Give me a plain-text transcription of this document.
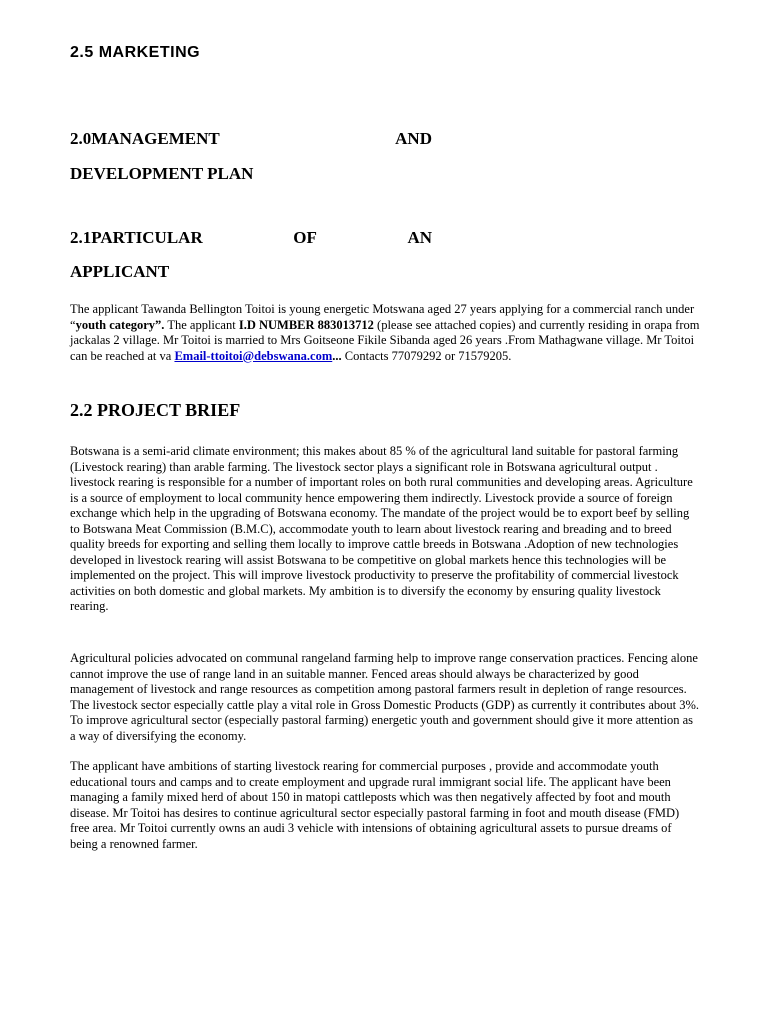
2.5 MARKETING
2.0MANAGEMENT	AND
DEVELOPMENT PLAN
2.1PARTICULAR	OF	AN
APPLICANT

The applicant Tawanda Bellington Toitoi is young energetic Motswana aged 27 years applying for a commercial ranch under “youth category”. The applicant I.D NUMBER 883013712 (please see attached copies) and currently residing in orapa from jackalas 2 village. Mr Toitoi is married to Mrs Goitseone Fikile Sibanda aged 26 years .From Mathagwane village. Mr Toitoi can be reached at va Email-ttoitoi@debswana.com... Contacts 77079292 or 71579205.

2.2 PROJECT BRIEF

Botswana is a semi-arid climate environment; this makes about 85 % of the agricultural land suitable for pastoral farming (Livestock rearing) than arable farming. The livestock sector plays a significant role in Botswana agricultural output . livestock rearing is responsible for a number of important roles on both rural communities and developing areas. Agriculture is a source of employment to local community hence empowering them indirectly. Livestock provide a source of foreign exchange which help in the upgrading of Botswana economy. The mandate of the project would be to export beef by selling to Botswana Meat Commission (B.M.C), accommodate youth to learn about livestock rearing and breading and to breed quality breeds for exporting and selling them locally to improve cattle breeds in Botswana .Adoption of new technologies developed in livestock rearing will assist Botswana to be competitive on global markets hence this technologies will be implemented on the project. This will improve livestock productivity to preserve the profitability of commercial livestock activities on both domestic and global markets. My ambition is to diversify the economy by ensuring quality livestock rearing.

Agricultural policies advocated on communal rangeland farming help to improve range conservation practices. Fencing alone cannot improve the use of range land in an suitable manner. Fenced areas should always be characterized by good management of livestock and range resources as competition among pastoral farmers result in depletion of range resources. The livestock sector especially cattle play a vital role in Gross Domestic Products (GDP) as currently it contributes about 3%. To improve agricultural sector (especially pastoral farming) energetic youth and government should give it more attention as a way of diversifying the economy.

The applicant have ambitions of starting livestock rearing for commercial purposes , provide and accommodate youth educational tours and camps and to create employment and upgrade rural immigrant social life. The applicant have been managing a family mixed herd of about 150 in matopi cattleposts which was then negatively affected by foot and mouth disease. Mr Toitoi has desires to continue agricultural sector especially pastoral farming in foot and mouth disease (FMD) free area. Mr Toitoi currently owns an audi 3 vehicle with intensions of obtaining agricultural assets to pursue dreams of being a renowned farmer.
